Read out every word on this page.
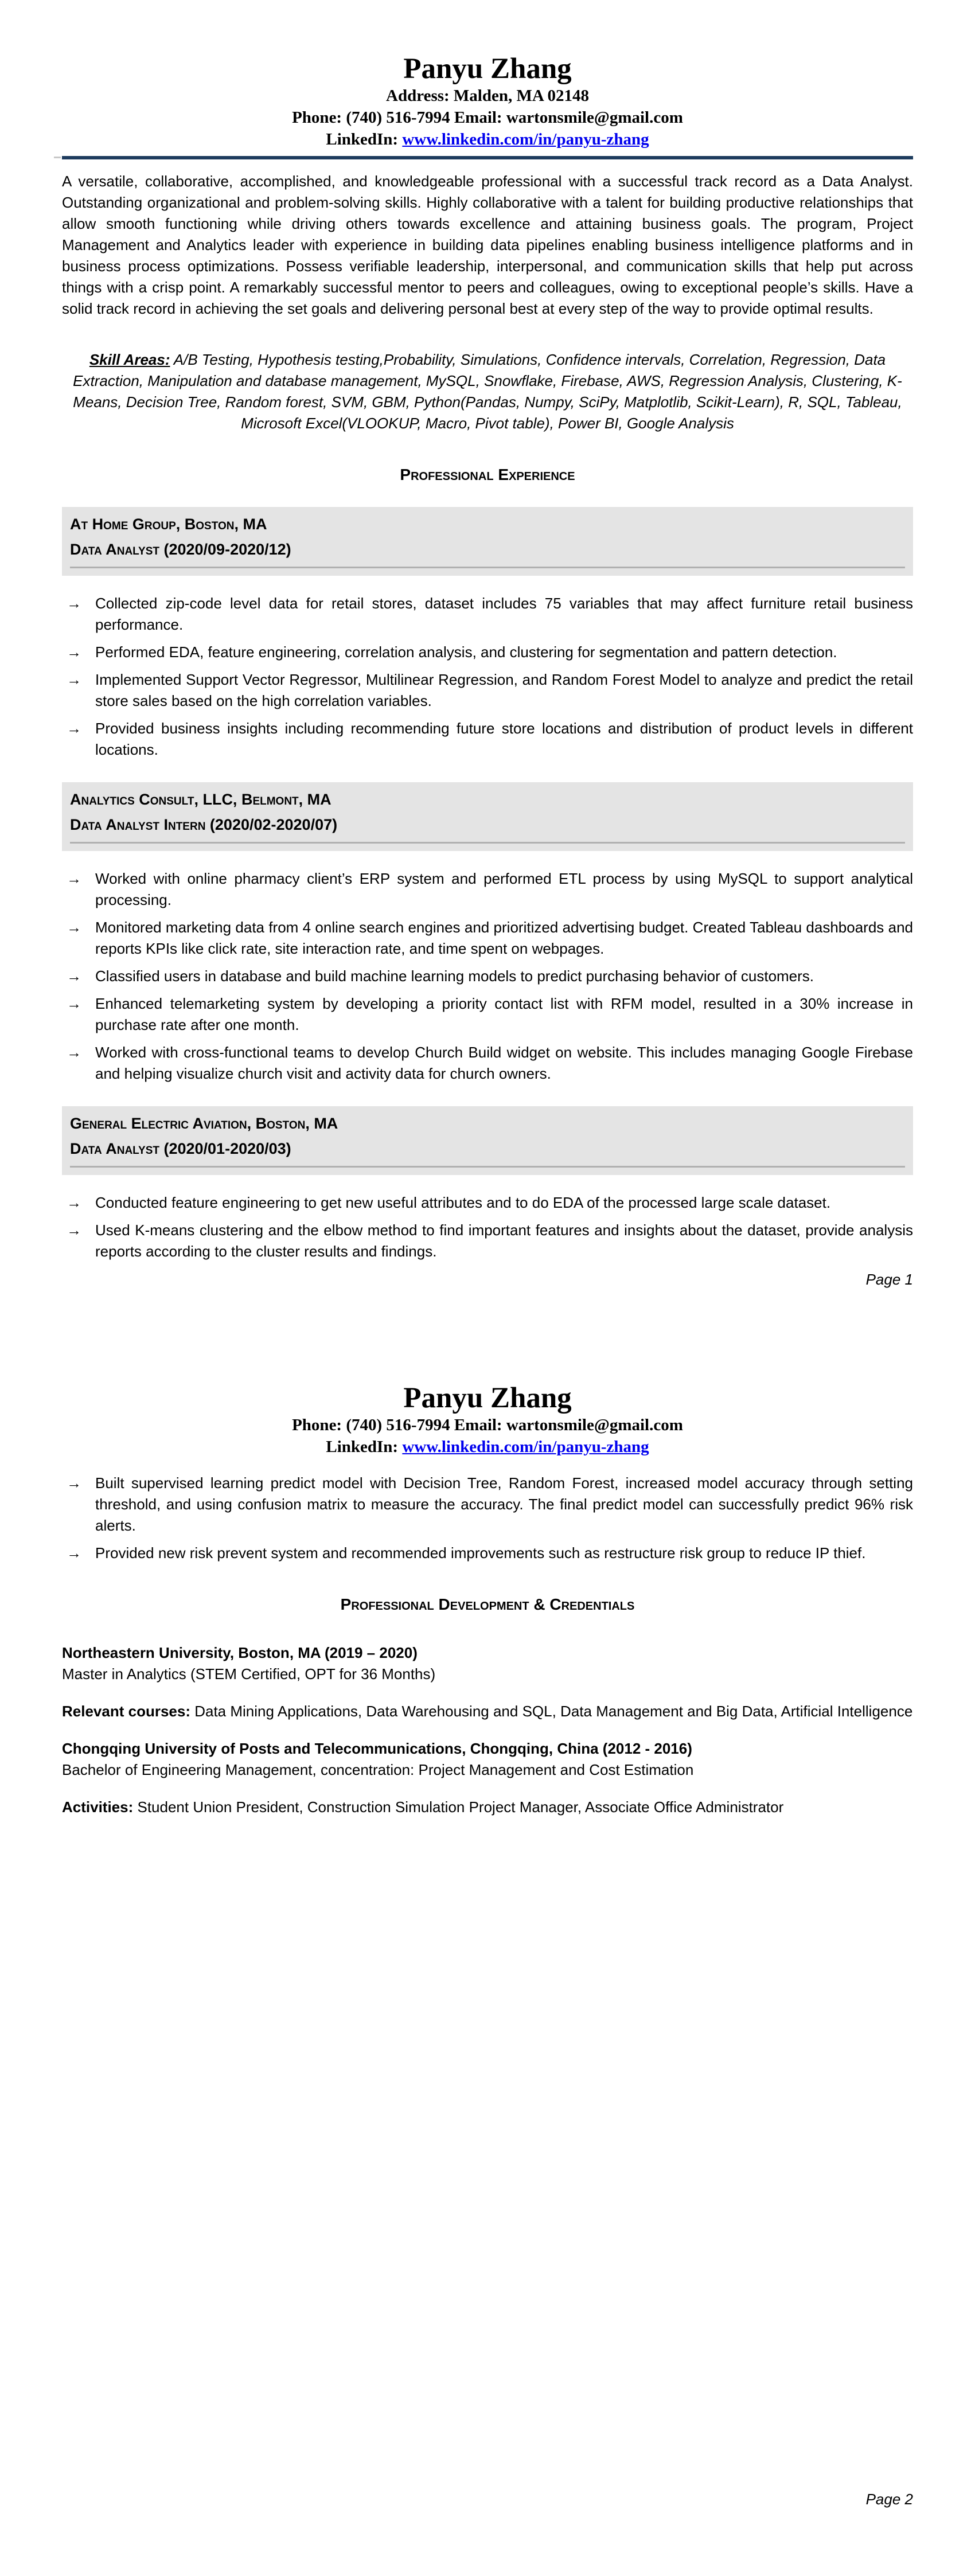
Panyu Zhang
Address: Malden, MA 02148
Phone: (740) 516-7994 Email: wartonsmile@gmail.com
LinkedIn: www.linkedin.com/in/panyu-zhang
A versatile, collaborative, accomplished, and knowledgeable professional with a successful track record as a Data Analyst. Outstanding organizational and problem-solving skills. Highly collaborative with a talent for building productive relationships that allow smooth functioning while driving others towards excellence and attaining business goals. The program, Project Management and Analytics leader with experience in building data pipelines enabling business intelligence platforms and in business process optimizations. Possess verifiable leadership, interpersonal, and communication skills that help put across things with a crisp point. A remarkably successful mentor to peers and colleagues, owing to exceptional people’s skills. Have a solid track record in achieving the set goals and delivering personal best at every step of the way to provide optimal results.
Skill Areas: A/B Testing, Hypothesis testing,Probability, Simulations, Confidence intervals, Correlation, Regression, Data Extraction, Manipulation and database management, MySQL, Snowflake, Firebase, AWS, Regression Analysis, Clustering, K-Means, Decision Tree, Random forest, SVM, GBM, Python(Pandas, Numpy, SciPy, Matplotlib, Scikit-Learn), R, SQL, Tableau, Microsoft Excel(VLOOKUP, Macro, Pivot table), Power BI, Google Analysis
Professional Experience
At Home Group, Boston, MA
Data Analyst (2020/09-2020/12)
→ Collected zip-code level data for retail stores, dataset includes 75 variables that may affect furniture retail business performance.
→ Performed EDA, feature engineering, correlation analysis, and clustering for segmentation and pattern detection.
→ Implemented Support Vector Regressor, Multilinear Regression, and Random Forest Model to analyze and predict the retail store sales based on the high correlation variables.
→ Provided business insights including recommending future store locations and distribution of product levels in different locations.
Analytics Consult, LLC, Belmont, MA
Data Analyst Intern (2020/02-2020/07)
→ Worked with online pharmacy client’s ERP system and performed ETL process by using MySQL to support analytical processing.
→ Monitored marketing data from 4 online search engines and prioritized advertising budget. Created Tableau dashboards and reports KPIs like click rate, site interaction rate, and time spent on webpages.
→ Classified users in database and build machine learning models to predict purchasing behavior of customers.
→ Enhanced telemarketing system by developing a priority contact list with RFM model, resulted in a 30% increase in purchase rate after one month.
→ Worked with cross-functional teams to develop Church Build widget on website. This includes managing Google Firebase and helping visualize church visit and activity data for church owners.
General Electric Aviation, Boston, MA
Data Analyst (2020/01-2020/03)
→ Conducted feature engineering to get new useful attributes and to do EDA of the processed large scale dataset.
→ Used K-means clustering and the elbow method to find important features and insights about the dataset, provide analysis reports according to the cluster results and findings.
Page 1
Panyu Zhang
Phone: (740) 516-7994 Email: wartonsmile@gmail.com
LinkedIn: www.linkedin.com/in/panyu-zhang
→ Built supervised learning predict model with Decision Tree, Random Forest, increased model accuracy through setting threshold, and using confusion matrix to measure the accuracy. The final predict model can successfully predict 96% risk alerts.
→ Provided new risk prevent system and recommended improvements such as restructure risk group to reduce IP thief.
Professional Development & Credentials
Northeastern University, Boston, MA (2019 – 2020)
Master in Analytics (STEM Certified, OPT for 36 Months)
Relevant courses: Data Mining Applications, Data Warehousing and SQL, Data Management and Big Data, Artificial Intelligence
Chongqing University of Posts and Telecommunications, Chongqing, China (2012 - 2016)
Bachelor of Engineering Management, concentration: Project Management and Cost Estimation
Activities: Student Union President, Construction Simulation Project Manager, Associate Office Administrator
Page 2
